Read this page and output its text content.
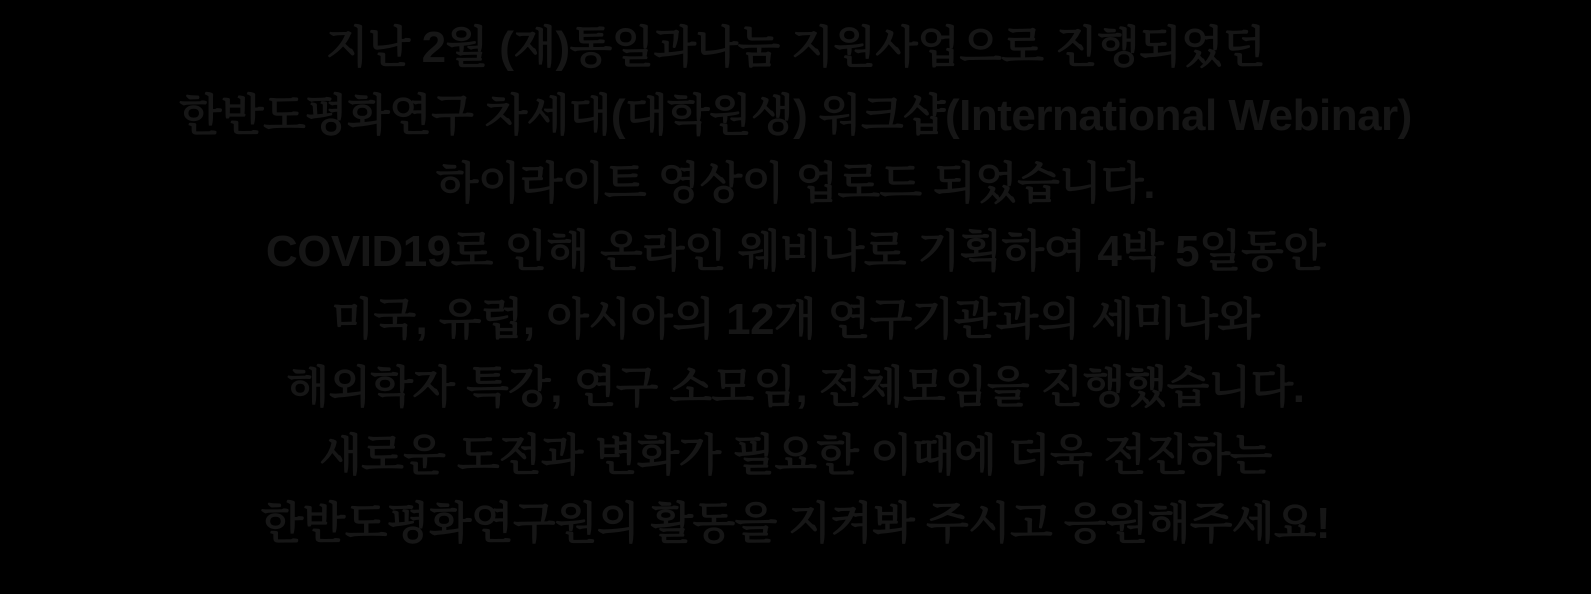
지난 2월 (재)통일과나눔 지원사업으로 진행되었던
한반도평화연구 차세대(대학원생) 워크샵(International Webinar)
하이라이트 영상이 업로드 되었습니다.
COVID19로 인해 온라인 웨비나로 기획하여 4박 5일동안
미국, 유럽, 아시아의 12개 연구기관과의 세미나와
해외학자 특강, 연구 소모임, 전체모임을 진행했습니다.
새로운 도전과 변화가 필요한 이때에 더욱 전진하는
한반도평화연구원의 활동을 지켜봐 주시고 응원해주세요!
